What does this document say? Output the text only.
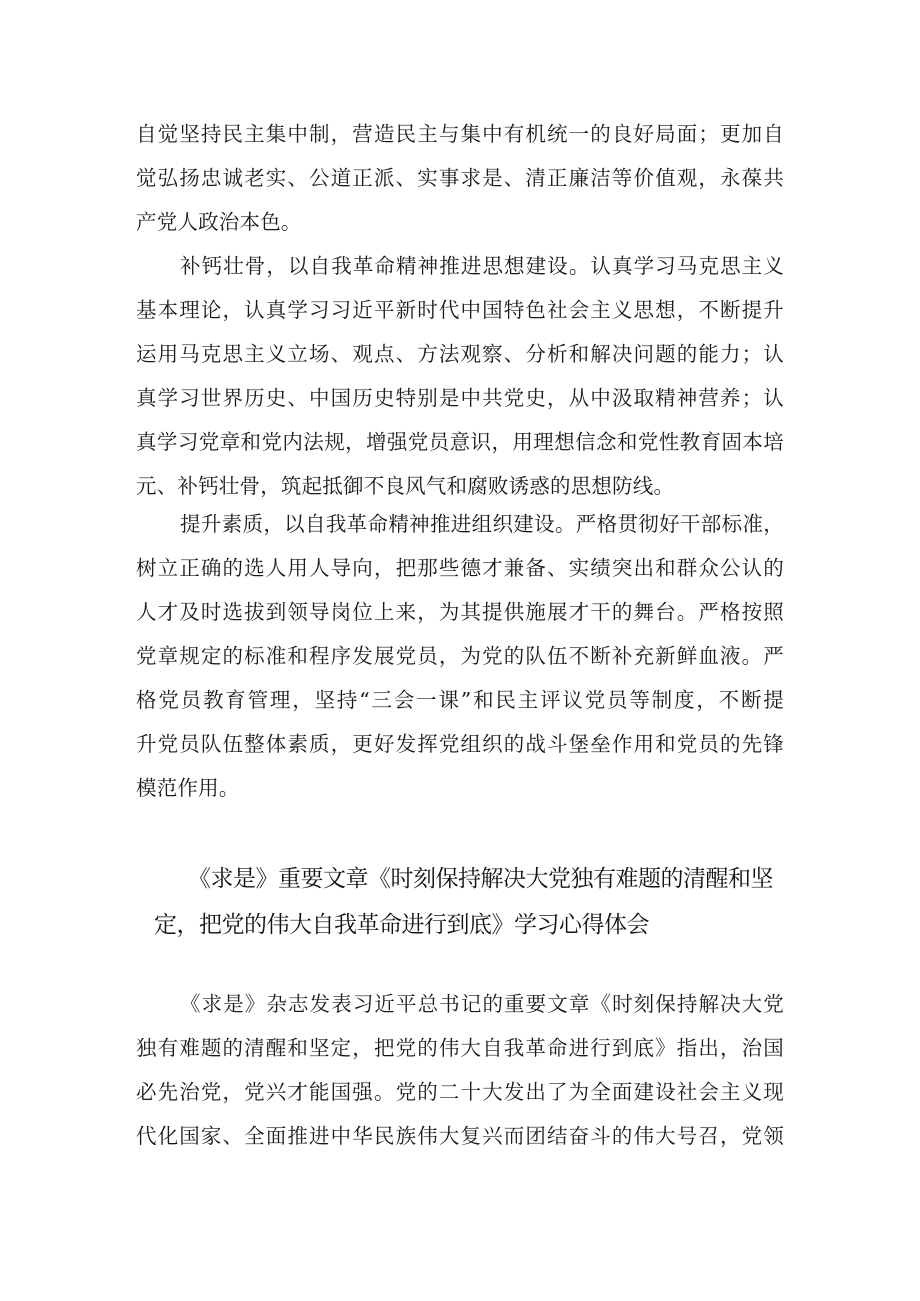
自觉坚持民主集中制，营造民主与集中有机统一的良好局面；更加自
觉弘扬忠诚老实、公道正派、实事求是、清正廉洁等价值观，永葆共
产党人政治本色。
补钙壮骨，以自我革命精神推进思想建设。认真学习马克思主义
基本理论，认真学习习近平新时代中国特色社会主义思想，不断提升
运用马克思主义立场、观点、方法观察、分析和解决问题的能力；认
真学习世界历史、中国历史特别是中共党史，从中汲取精神营养；认
真学习党章和党内法规，增强党员意识，用理想信念和党性教育固本培
元、补钙壮骨，筑起抵御不良风气和腐败诱惑的思想防线。
提升素质，以自我革命精神推进组织建设。严格贯彻好干部标准，
树立正确的选人用人导向，把那些德才兼备、实绩突出和群众公认的
人才及时选拔到领导岗位上来，为其提供施展才干的舞台。严格按照
党章规定的标准和程序发展党员，为党的队伍不断补充新鲜血液。严
格党员教育管理，坚持“三会一课”和民主评议党员等制度，不断提
升党员队伍整体素质，更好发挥党组织的战斗堡垒作用和党员的先锋
模范作用。
《求是》重要文章《时刻保持解决大党独有难题的清醒和坚
定，把党的伟大自我革命进行到底》学习心得体会
《求是》杂志发表习近平总书记的重要文章《时刻保持解决大党
独有难题的清醒和坚定，把党的伟大自我革命进行到底》指出，治国
必先治党，党兴才能国强。党的二十大发出了为全面建设社会主义现
代化国家、全面推进中华民族伟大复兴而团结奋斗的伟大号召，党领
